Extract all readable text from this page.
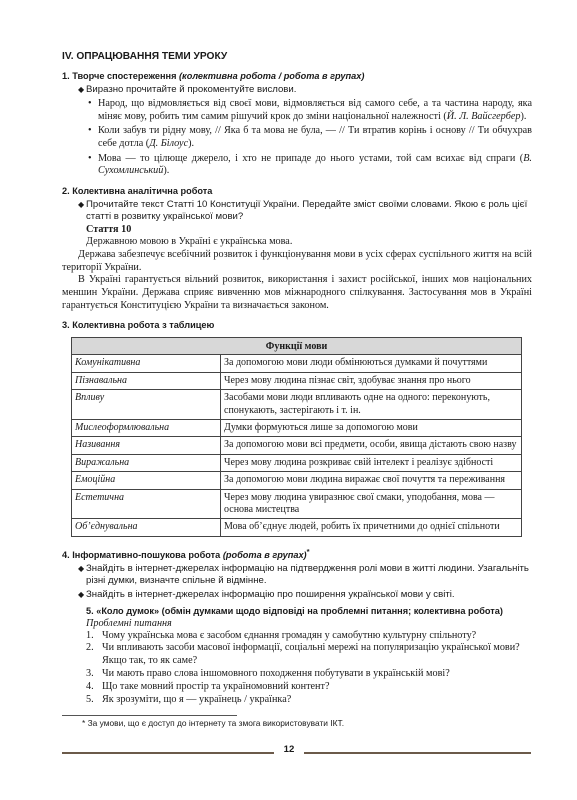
IV. ОПРАЦЮВАННЯ ТЕМИ УРОКУ
1. Творче спостереження (колективна робота / робота в групах)
◆ Виразно прочитайте й прокоментуйте вислови.
• Народ, що відмовляється від своєї мови, відмовляється від самого себе, а та частина народу, яка міняє мову, робить тим самим рішучий крок до зміни національної належності (Й. Л. Вайсгербер).
• Коли забув ти рідну мову, // Яка б та мова не була, — // Ти втратив корінь і основу // Ти обчухрав себе дотла (Д. Білоус).
• Мова — то цілюще джерело, і хто не припаде до нього устами, той сам всихає від спраги (В. Сухомлинський).
2. Колективна аналітична робота
◆ Прочитайте текст Статті 10 Конституції України. Передайте зміст своїми словами. Якою є роль цієї статті в розвитку української мови?
Стаття 10
Державною мовою в Україні є українська мова.
Держава забезпечує всебічний розвиток і функціонування мови в усіх сферах суспільного життя на всій території України.
В Україні гарантується вільний розвиток, використання і захист російської, інших мов національних меншин України. Держава сприяє вивченню мов міжнародного спілкування. Застосування мов в Україні гарантується Конституцією України та визначається законом.
3. Колективна робота з таблицею
Функції мови	
Комунікативна	За допомогою мови люди обмінюються думками й почуттями
Пізнавальна	Через мову людина пізнає світ, здобуває знання про нього
Впливу	Засобами мови люди впливають одне на одного: переконують, спонукають, застерігають і т. ін.
Мислеоформлювальна	Думки формуються лише за допомогою мови
Називання	За допомогою мови всі предмети, особи, явища дістають свою назву
Виражальна	Через мову людина розкриває свій інтелект і реалізує здібності
Емоційна	За допомогою мови людина виражає свої почуття та переживання
Естетична	Через мову людина увиразнює свої смаки, уподобання, мова — основа мистецтва
Об’єднувальна	Мова об’єднує людей, робить їх причетними до однієї спільноти
4. Інформативно-пошукова робота (робота в групах)*
◆ Знайдіть в інтернет-джерелах інформацію на підтвердження ролі мови в житті людини. Узагальніть різні думки, визначте спільне й відмінне.
◆ Знайдіть в інтернет-джерелах інформацію про поширення української мови у світі.
5. «Коло думок» (обмін думками щодо відповіді на проблемні питання; колективна робота)
Проблемні питання
1. Чому українська мова є засобом єднання громадян у самобутню культурну спільноту?
2. Чи впливають засоби масової інформації, соціальні мережі на популяризацію української мови? Якщо так, то як саме?
3. Чи мають право слова іншомовного походження побутувати в українській мові?
4. Що таке мовний простір та україномовний контент?
5. Як зрозуміти, що я — українець / українка?
* За умови, що є доступ до інтернету та змога використовувати ІКТ.
12
